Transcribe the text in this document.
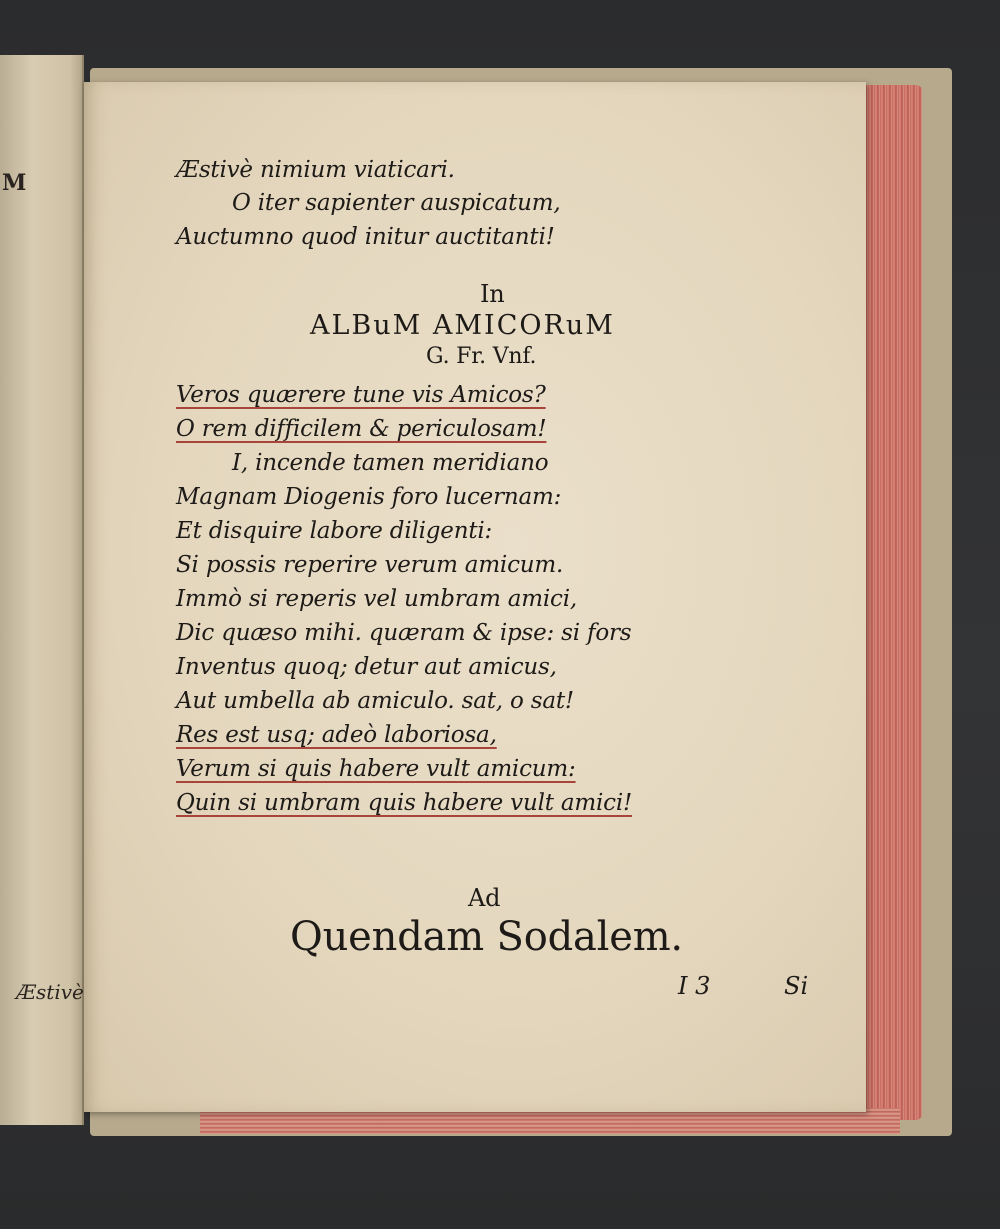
M
Æstivè
Æstivè nimium viaticari.
O iter sapienter auspicatum,
Auctumno quod initur auctitanti!
In
ALBuM AMICORuM
G. Fr. Vnf.
Veros quærere tune vis Amicos?
O rem difficilem & periculosam!
I, incende tamen meridiano
Magnam Diogenis foro lucernam:
Et disquire labore diligenti:
Si possis reperire verum amicum.
Immò si reperis vel umbram amici,
Dic quæso mihi. quæram & ipse: si fors
Inventus quoq; detur aut amicus,
Aut umbella ab amiculo. sat, o sat!
Res est usq; adeò laboriosa,
Verum si quis habere vult amicum:
Quin si umbram quis habere vult amici!
Ad
Quendam Sodalem.
I 3	Si
